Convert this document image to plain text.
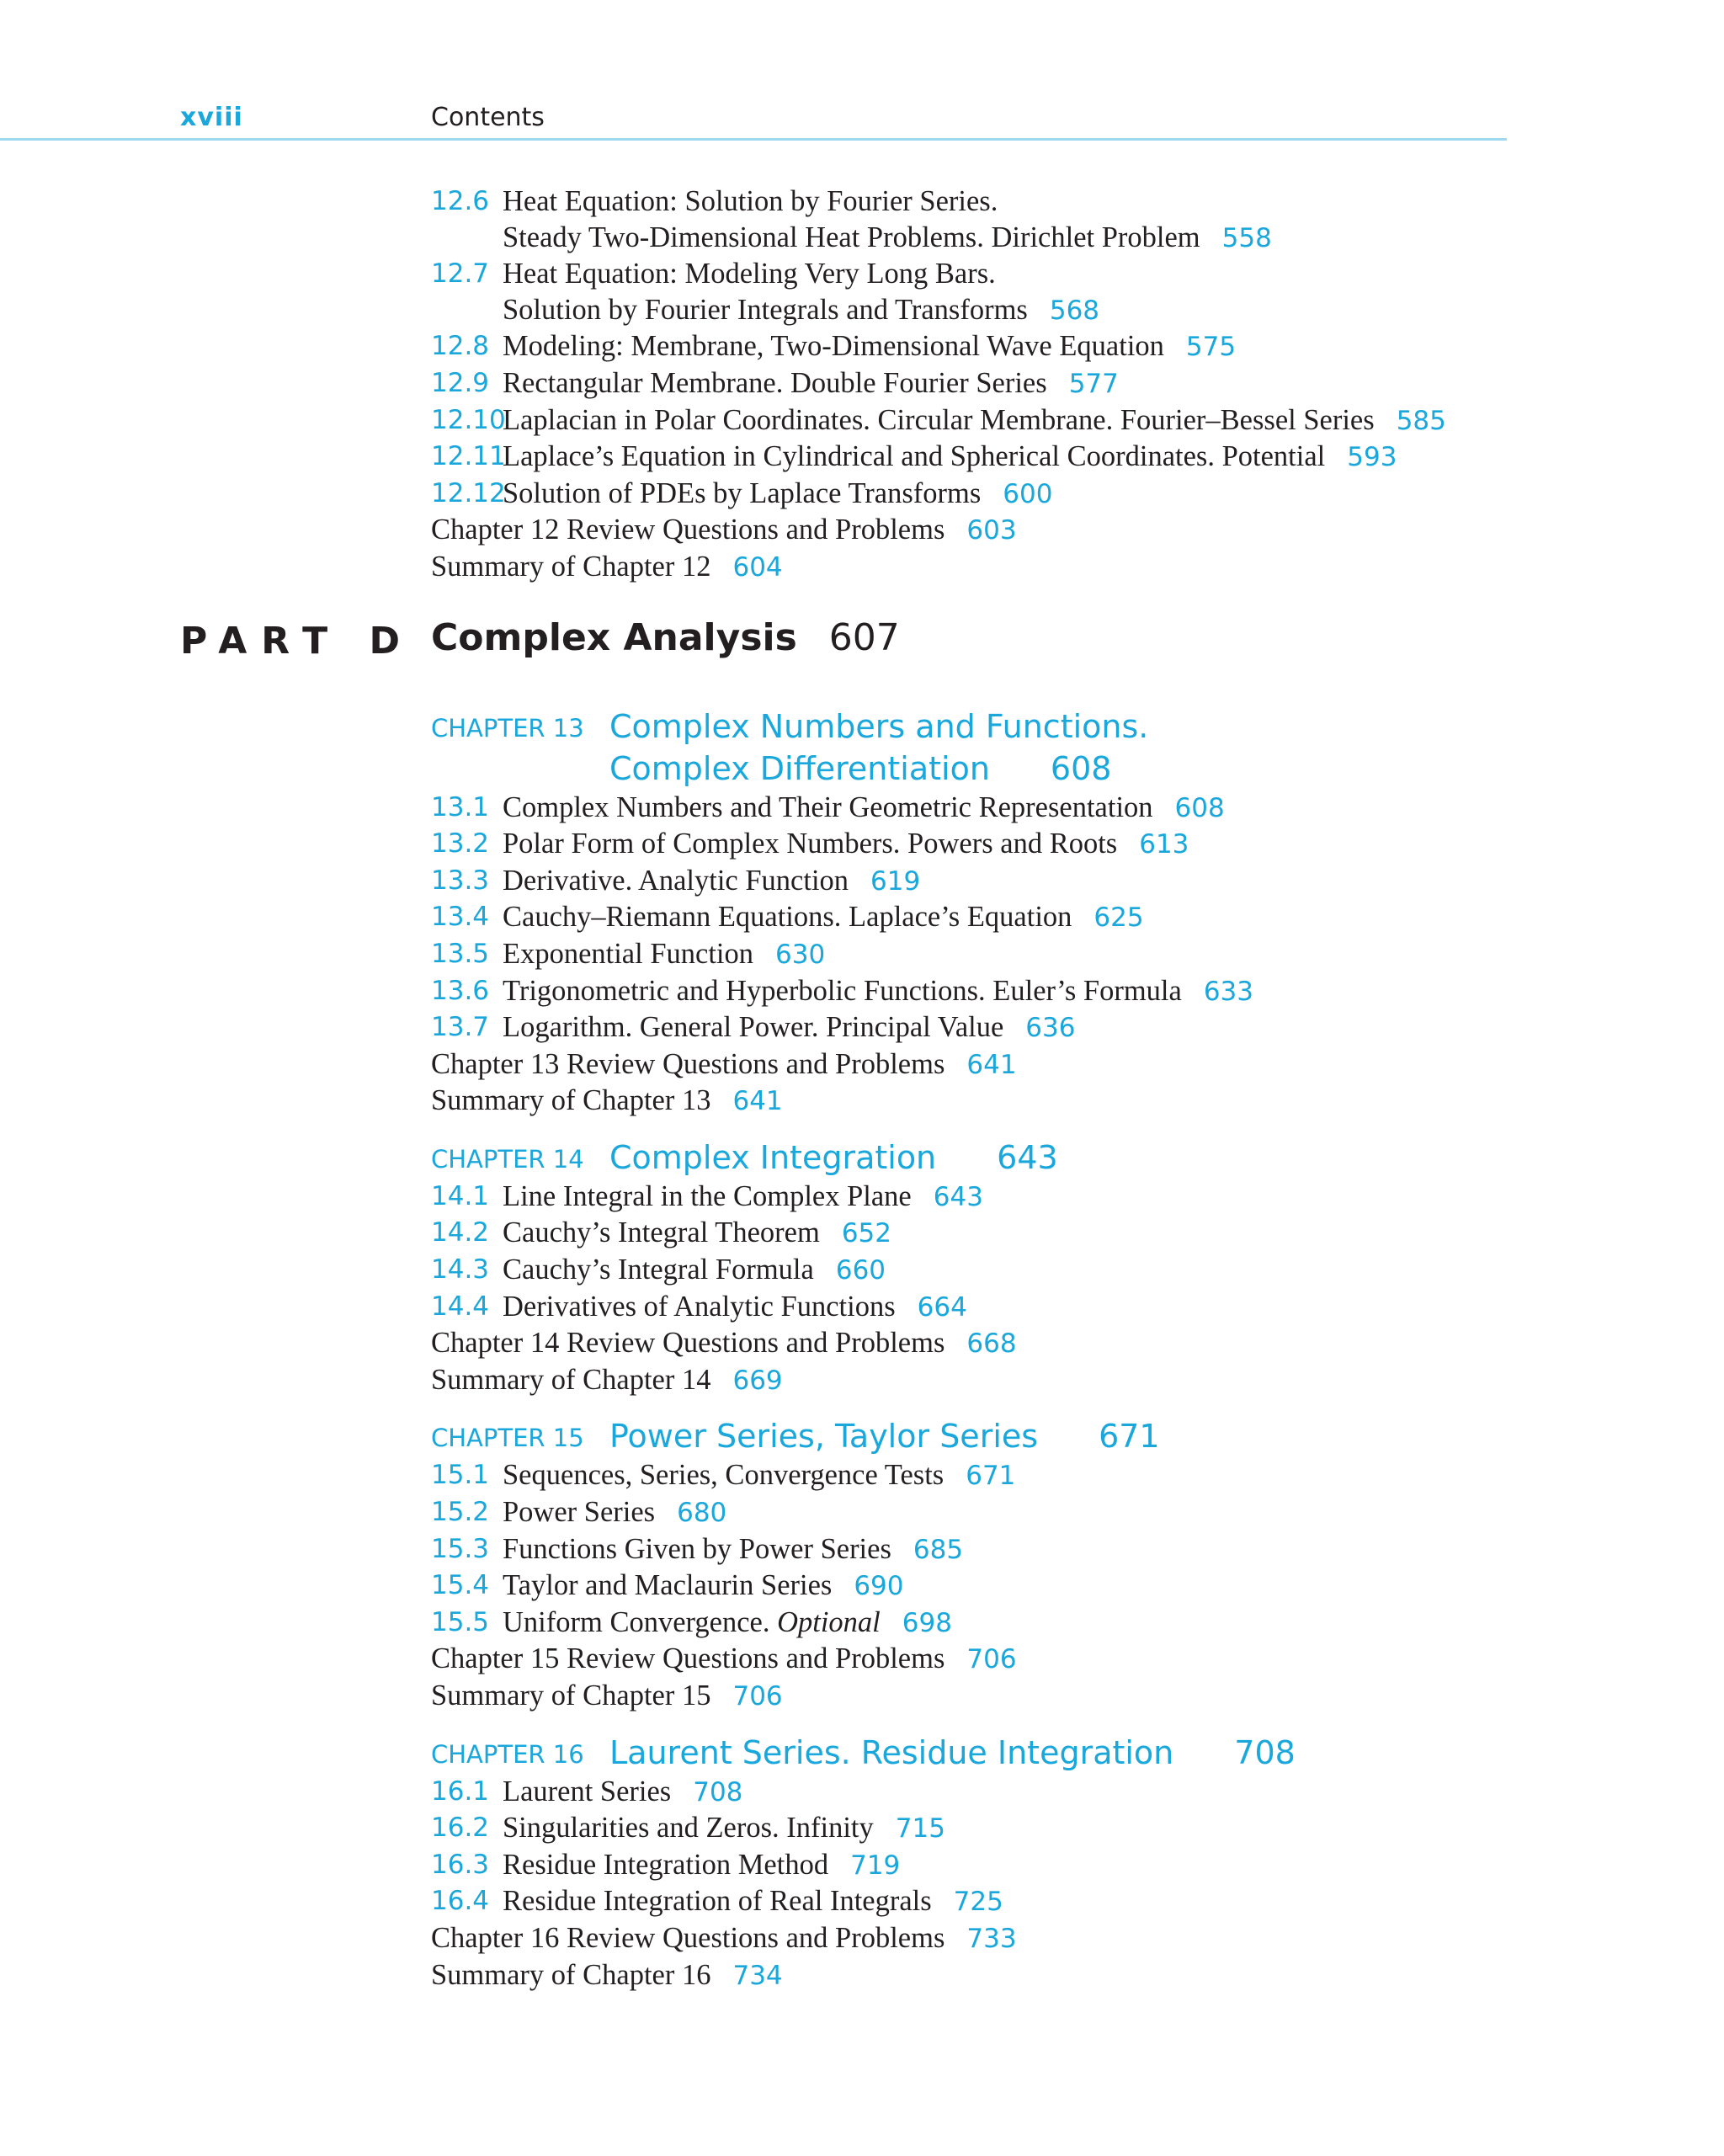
xviii	Contents
12.6 Heat Equation: Solution by Fourier Series.
Steady Two-Dimensional Heat Problems. Dirichlet Problem 558
12.7 Heat Equation: Modeling Very Long Bars.
Solution by Fourier Integrals and Transforms 568
12.8 Modeling: Membrane, Two-Dimensional Wave Equation 575
12.9 Rectangular Membrane. Double Fourier Series 577
12.10
Laplacian in Polar Coordinates. Circular Membrane. Fourier–Bessel Series 585
12.11
Laplace’s Equation in Cylindrical and Spherical Coordinates. Potential 593
12.12
Solution of PDEs by Laplace Transforms 600
Chapter 12 Review Questions and Problems 603
Summary of Chapter 12 604
PART D Complex Analysis 607
CHAPTER 13 Complex Numbers and Functions.
Complex Differentiation 608
13.1 Complex Numbers and Their Geometric Representation 608
13.2 Polar Form of Complex Numbers. Powers and Roots 613
13.3 Derivative. Analytic Function 619
13.4 Cauchy–Riemann Equations. Laplace’s Equation 625
13.5 Exponential Function 630
13.6 Trigonometric and Hyperbolic Functions. Euler’s Formula 633
13.7 Logarithm. General Power. Principal Value 636
Chapter 13 Review Questions and Problems 641
Summary of Chapter 13 641
CHAPTER 14 Complex Integration 643
14.1 Line Integral in the Complex Plane 643
14.2 Cauchy’s Integral Theorem 652
14.3 Cauchy’s Integral Formula 660
14.4 Derivatives of Analytic Functions 664
Chapter 14 Review Questions and Problems 668
Summary of Chapter 14 669
CHAPTER 15 Power Series, Taylor Series 671
15.1 Sequences, Series, Convergence Tests 671
15.2 Power Series 680
15.3 Functions Given by Power Series 685
15.4 Taylor and Maclaurin Series 690
15.5 Uniform Convergence. Optional 698
Chapter 15 Review Questions and Problems 706
Summary of Chapter 15 706
CHAPTER 16 Laurent Series. Residue Integration 708
16.1 Laurent Series 708
16.2 Singularities and Zeros. Infinity 715
16.3 Residue Integration Method 719
16.4 Residue Integration of Real Integrals 725
Chapter 16 Review Questions and Problems 733
Summary of Chapter 16 734
